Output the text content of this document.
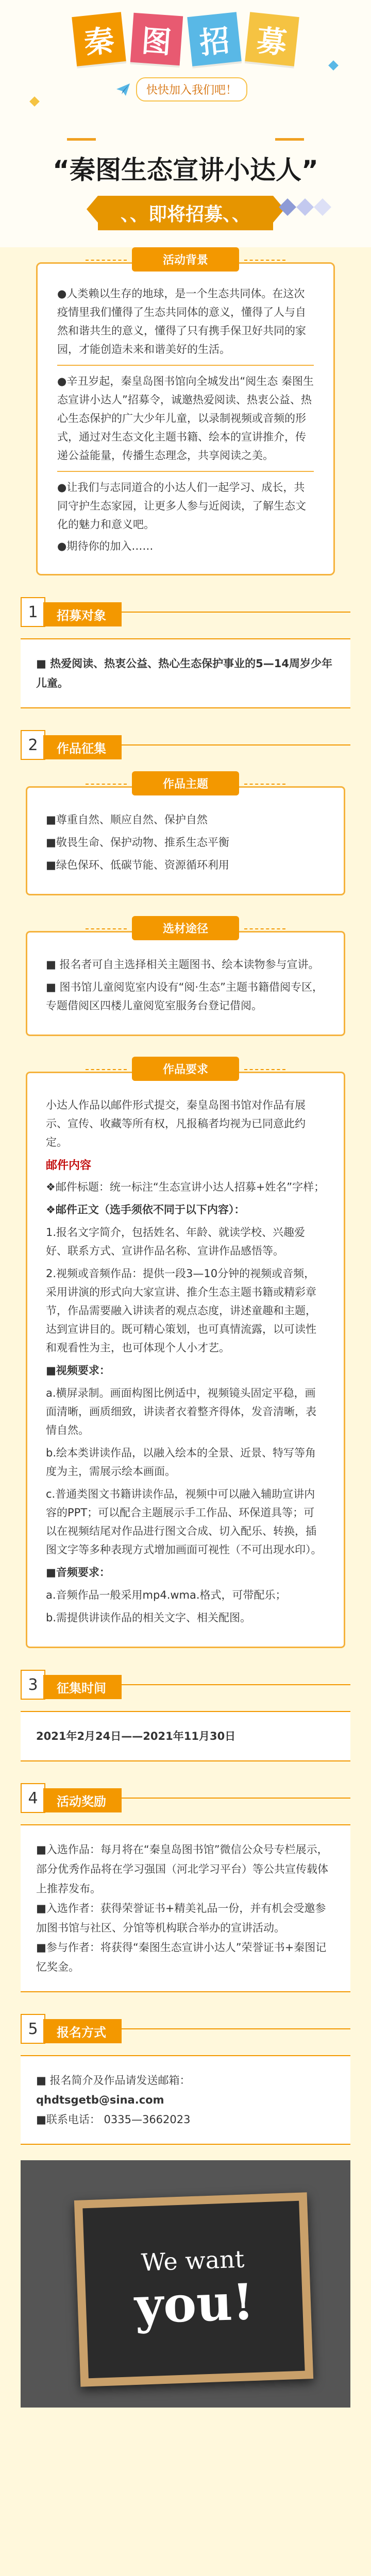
秦 图 招 募
快快加入我们吧！
“秦图生态宣讲小达人”
、、即将招募、、
活动背景

●人类赖以生存的地球，是一个生态共同体。在这次疫情里我们懂得了生态共同体的意义，懂得了人与自然和谐共生的意义，懂得了只有携手保卫好共同的家园，才能创造未来和谐美好的生活。

●辛丑岁起，秦皇岛图书馆向全城发出“阅生态 秦图生态宣讲小达人”招募令，诚邀热爱阅读、热衷公益、热心生态保护的广大少年儿童，以录制视频或音频的形式，通过对生态文化主题书籍、绘本的宣讲推介，传递公益能量，传播生态理念，共享阅读之美。

●让我们与志同道合的小达人们一起学习、成长，共同守护生态家园，让更多人参与近阅读，了解生态文化的魅力和意义吧。

●期待你的加入……

1	招募对象

■ 热爱阅读、热衷公益、热心生态保护事业的5—14周岁少年儿童。

2	作品征集
作品主题

■尊重自然、顺应自然、保护自然

■敬畏生命、保护动物、推系生态平衡

■绿色保环、低碳节能、资源循环利用

选材途径

■ 报名者可自主选择相关主题图书、绘本读物参与宣讲。

■ 图书馆儿童阅览室内设有“阅·生态”主题书籍借阅专区，专题借阅区四楼儿童阅览室服务台登记借阅。

作品要求

小达人作品以邮件形式提交，秦皇岛图书馆对作品有展示、宣传、收藏等所有权，凡报稿者均视为已同意此约定。

邮件内容

❖邮件标题：统一标注“生态宣讲小达人招募+姓名”字样；

❖邮件正文（选手须依不同于以下内容）：

1.报名文字简介，包括姓名、年龄、就读学校、兴趣爱好、联系方式、宣讲作品名称、宣讲作品感悟等。

2.视频或音频作品：提供一段3—10分钟的视频或音频，采用讲演的形式向大家宣讲、推介生态主题书籍或精彩章节，作品需要融入讲读者的观点态度，讲述童趣和主题，达到宣讲目的。既可精心策划，也可真情流露，以可读性和观看性为主，也可体现个人小才艺。

■视频要求：

a.横屏录制。画面构图比例适中，视频镜头固定平稳，画面清晰，画质细致，讲读者衣着整齐得体，发音清晰，表情自然。

b.绘本类讲读作品，以融入绘本的全景、近景、特写等角度为主，需展示绘本画面。

c.普通类图文书籍讲读作品，视频中可以融入辅助宣讲内容的PPT；可以配合主题展示手工作品、环保道具等；可以在视频结尾对作品进行图文合成、切入配乐、转换，插图文字等多种表现方式增加画面可视性（不可出现水印）。

■音频要求：

a.音频作品一般采用mp4.wma.格式，可带配乐；

b.需提供讲读作品的相关文字、相关配图。

3	征集时间

2021年2月24日——2021年11月30日

4	活动奖励

■入选作品：每月将在“秦皇岛图书馆”微信公众号专栏展示，部分优秀作品将在学习强国（河北学习平台）等公共宣传载体上推荐发布。

■入选作者：获得荣誉证书+精美礼品一份，并有机会受邀参加图书馆与社区、分馆等机构联合举办的宣讲活动。

■参与作者：将获得“秦图生态宣讲小达人”荣誉证书+秦图记忆奖金。

5	报名方式

■ 报名简介及作品请发送邮箱：

qhdtsgetb@sina.com

■联系电话： 0335—3662023

We want
you!
